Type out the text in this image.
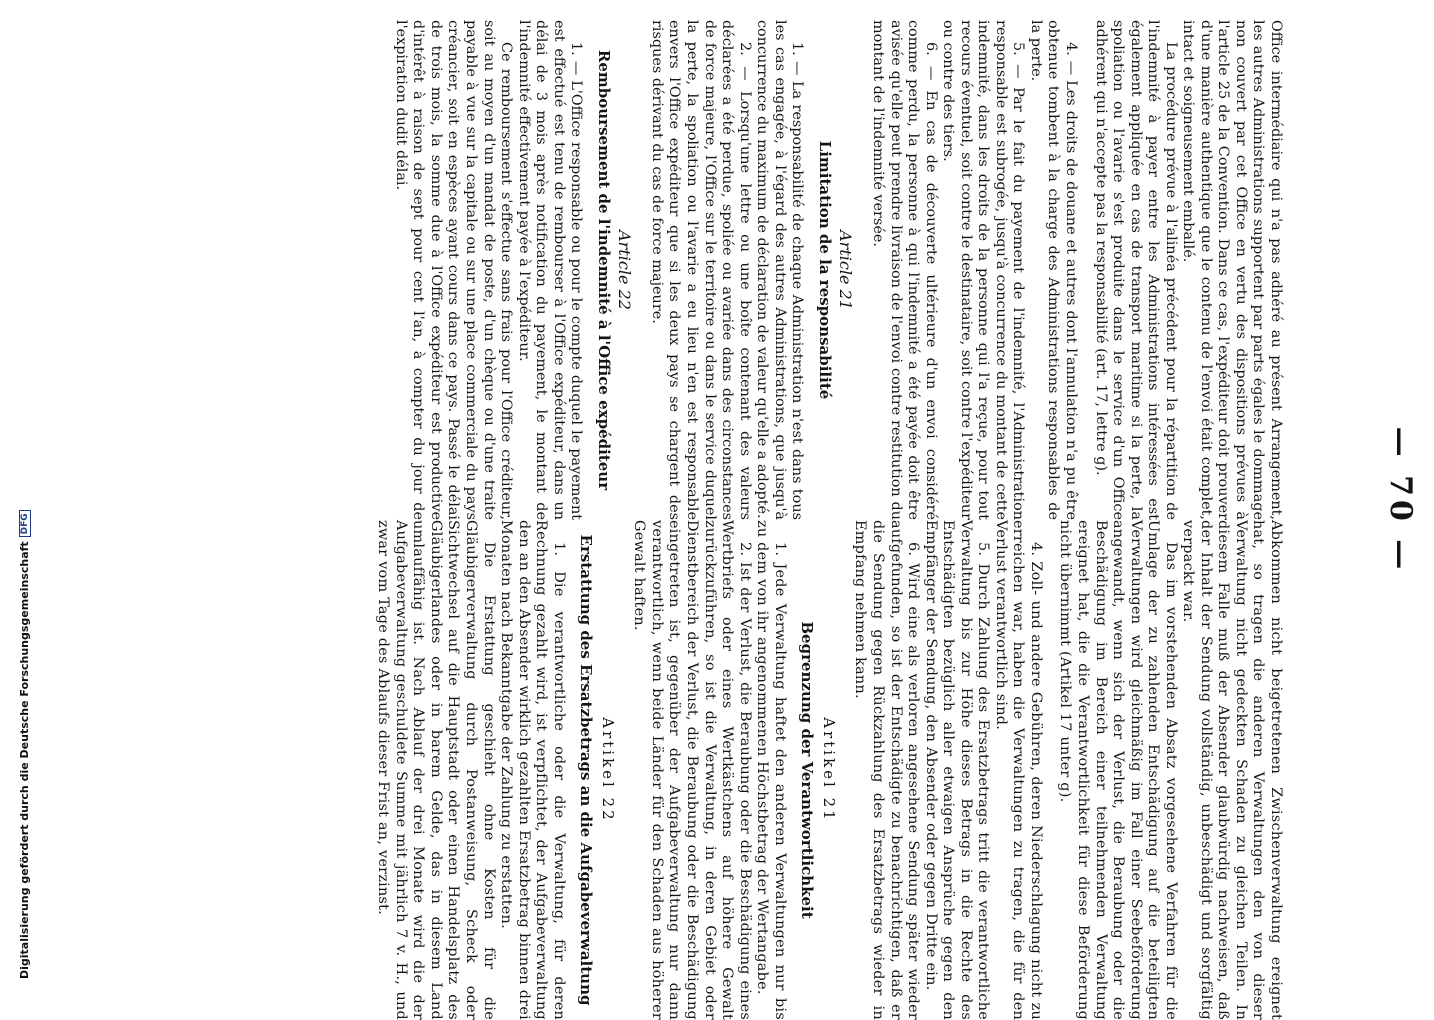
— 70 —

Office intermédiaire qui n'a pas adhéré au présent Arrangement, les autres Administrations supportent par parts égales le dommage non couvert par cet Office en vertu des dispositions prévues à l'article 25 de la Convention. Dans ce cas, l'expéditeur doit prouver d'une manière authentique que le contenu de l'envoi était complet, intact et soigneusement emballé.

La procédure prévue à l'alinéa précédent pour la répartition de l'indemnité à payer entre les Administrations intéressées est également appliquée en cas de transport maritime si la perte, la spoliation ou l'avarie s'est produite dans le service d'un Office adhérent qui n'accepte pas la responsabilité (art. 17, lettre g).

4. — Les droits de douane et autres dont l'annulation n'a pu être obtenue tombent à la charge des Administrations responsables de la perte.

5. — Par le fait du payement de l'indemnité, l'Administration responsable est subrogée, jusqu'à concurrence du montant de cette indemnité, dans les droits de la personne qui l'a reçue, pour tout recours éventuel, soit contre le destinataire, soit contre l'expéditeur ou contre des tiers.

6. — En cas de découverte ultérieure d'un envoi considéré comme perdu, la personne à qui l'indemnité a été payée doit être avisée qu'elle peut prendre livraison de l'envoi contre restitution du montant de l'indemnité versée.

Article 21
Limitation de la responsabilité

1. — La responsabilité de chaque Administration n'est dans tous les cas engagée, à l'égard des autres Administrations, que jusqu'à concurrence du maximum de déclaration de valeur qu'elle a adopté.

2. — Lorsqu'une lettre ou une boîte contenant des valeurs déclarées a été perdue, spoliée ou avariée dans des circonstances de force majeure, l'Office sur le territoire ou dans le service duquel la perte, la spoliation ou l'avarie a eu lieu n'en est responsable envers l'Office expéditeur que si les deux pays se chargent des risques dérivant du cas de force majeure.

Article 22
Remboursement de l'indemnité à l'Office expéditeur

1. — L'Office responsable ou pour le compte duquel le payement est effectué est tenu de rembourser à l'Office expéditeur, dans un délai de 3 mois après notification du payement, le montant de l'indemnité effectivement payée à l'expéditeur.

Ce remboursement s'effectue sans frais pour l'Office créditeur, soit au moyen d'un mandat de poste, d'un chèque ou d'une traite payable à vue sur la capitale ou sur une place commerciale du pays créancier, soit en espèces ayant cours dans ce pays. Passé le délai de trois mois, la somme due à l'Office expéditeur est productive d'intérêt à raison de sept pour cent l'an, à compter du jour de l'expiration dudit délai.

Abkommen nicht beigetretenen Zwischenverwaltung ereignet hat, so tragen die anderen Verwaltungen den von dieser Verwaltung nicht gedeckten Schaden zu gleichen Teilen. In diesem Falle muß der Absender glaubwürdig nachweisen, daß der Inhalt der Sendung vollständig, unbeschädigt und sorgfältig verpackt war.

Das im vorstehenden Absatz vorgesehene Verfahren für die Umlage der zu zahlenden Entschädigung auf die beteiligten Verwaltungen wird gleichmäßig im Fall einer Seebeförderung angewandt, wenn sich der Verlust, die Beraubung oder die Beschädigung im Bereich einer teilnehmenden Verwaltung ereignet hat, die die Verantwortlichkeit für diese Beförderung nicht übernimmt (Artikel 17 unter g).

4. Zoll- und andere Gebühren, deren Niederschlagung nicht zu erreichen war, haben die Verwaltungen zu tragen, die für den Verlust verantwortlich sind.

5. Durch Zahlung des Ersatzbetrags tritt die verantwortliche Verwaltung bis zur Höhe dieses Betrags in die Rechte des Entschädigten bezüglich aller etwaigen Ansprüche gegen den Empfänger der Sendung, den Absender oder gegen Dritte ein.

6. Wird eine als verloren angesehene Sendung später wieder aufgefunden, so ist der Entschädigte zu benachrichtigen, daß er die Sendung gegen Rückzahlung des Ersatzbetrags wieder in Empfang nehmen kann.

Artikel 21
Begrenzung der Verantwortlichkeit

1. Jede Verwaltung haftet den anderen Verwaltungen nur bis zu dem von ihr angenommenen Höchstbetrag der Wertangabe.

2. Ist der Verlust, die Beraubung oder die Beschädigung eines Wertbriefs oder eines Wertkästchens auf höhere Gewalt zurückzuführen, so ist die Verwaltung, in deren Gebiet oder Dienstbereich der Verlust, die Beraubung oder die Beschädigung eingetreten ist, gegenüber der Aufgabeverwaltung nur dann verantwortlich, wenn beide Länder für den Schaden aus höherer Gewalt haften.

Artikel 22
Erstattung des Ersatzbetrags an die Aufgabeverwaltung

1. Die verantwortliche oder die Verwaltung, für deren Rechnung gezahlt wird, ist verpflichtet, der Aufgabeverwaltung den an den Absender wirklich gezahlten Ersatzbetrag binnen drei Monaten nach Bekanntgabe der Zahlung zu erstatten.

Die Erstattung geschieht ohne Kosten für die Gläubigerverwaltung durch Postanweisung, Scheck oder Sichtwechsel auf die Hauptstadt oder einen Handelsplatz des Gläubigerlandes oder in barem Gelde, das in diesem Land umlauffähig ist. Nach Ablauf der drei Monate wird die der Aufgabeverwaltung geschuldete Summe mit jährlich 7 v. H., und zwar vom Tage des Ablaufs dieser Frist an, verzinst.

Digitalisierung gefördert durch die Deutsche ForschungsgemeinschaftDFG
